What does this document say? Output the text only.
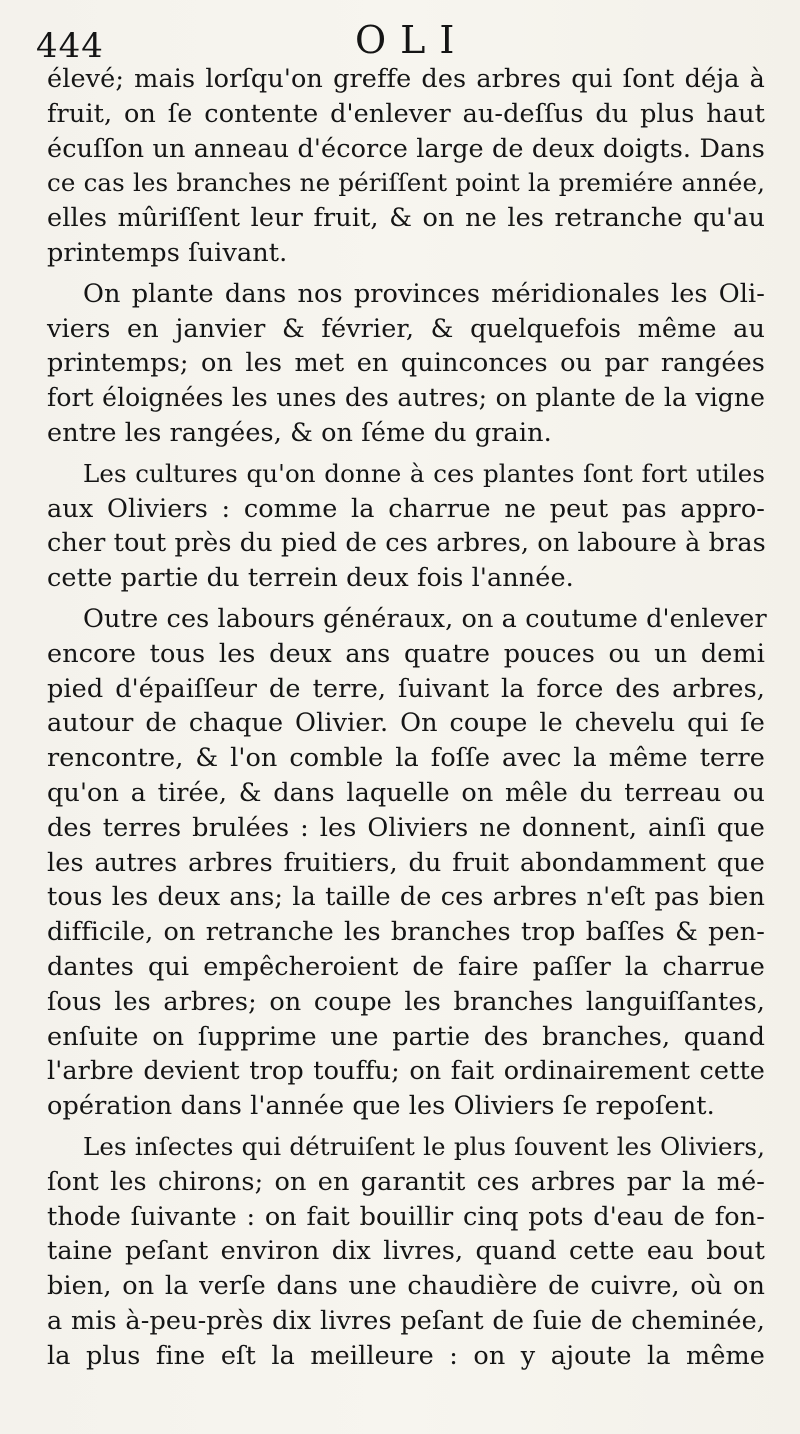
444	OLI
élevé; mais lorſqu'on greffe des arbres qui ſont déja à
fruit, on ſe contente d'enlever au-deſſus du plus haut
écuſſon un anneau d'écorce large de deux doigts. Dans
ce cas les branches ne périſſent point la premiére année,
elles mûriſſent leur fruit, & on ne les retranche qu'au
printemps ſuivant.
On plante dans nos provinces méridionales les Oli-
viers en janvier & février, & quelquefois même au
printemps; on les met en quinconces ou par rangées
fort éloignées les unes des autres; on plante de la vigne
entre les rangées, & on ſéme du grain.
Les cultures qu'on donne à ces plantes ſont fort utiles
aux Oliviers : comme la charrue ne peut pas appro-
cher tout près du pied de ces arbres, on laboure à bras
cette partie du terrein deux fois l'année.
Outre ces labours généraux, on a coutume d'enlever
encore tous les deux ans quatre pouces ou un demi
pied d'épaiſſeur de terre, ſuivant la force des arbres,
autour de chaque Olivier. On coupe le chevelu qui ſe
rencontre, & l'on comble la foſſe avec la même terre
qu'on a tirée, & dans laquelle on mêle du terreau ou
des terres brulées : les Oliviers ne donnent, ainſi que
les autres arbres fruitiers, du fruit abondamment que
tous les deux ans; la taille de ces arbres n'eſt pas bien
difficile, on retranche les branches trop baſſes & pen-
dantes qui empêcheroient de faire paſſer la charrue
ſous les arbres; on coupe les branches languiſſantes,
enſuite on ſupprime une partie des branches, quand
l'arbre devient trop touffu; on fait ordinairement cette
opération dans l'année que les Oliviers ſe repoſent.
Les inſectes qui détruiſent le plus ſouvent les Oliviers,
ſont les chirons; on en garantit ces arbres par la mé-
thode ſuivante : on fait bouillir cinq pots d'eau de fon-
taine peſant environ dix livres, quand cette eau bout
bien, on la verſe dans une chaudière de cuivre, où on
a mis à-peu-près dix livres peſant de ſuie de cheminée,
la plus fine eſt la meilleure : on y ajoute la même
